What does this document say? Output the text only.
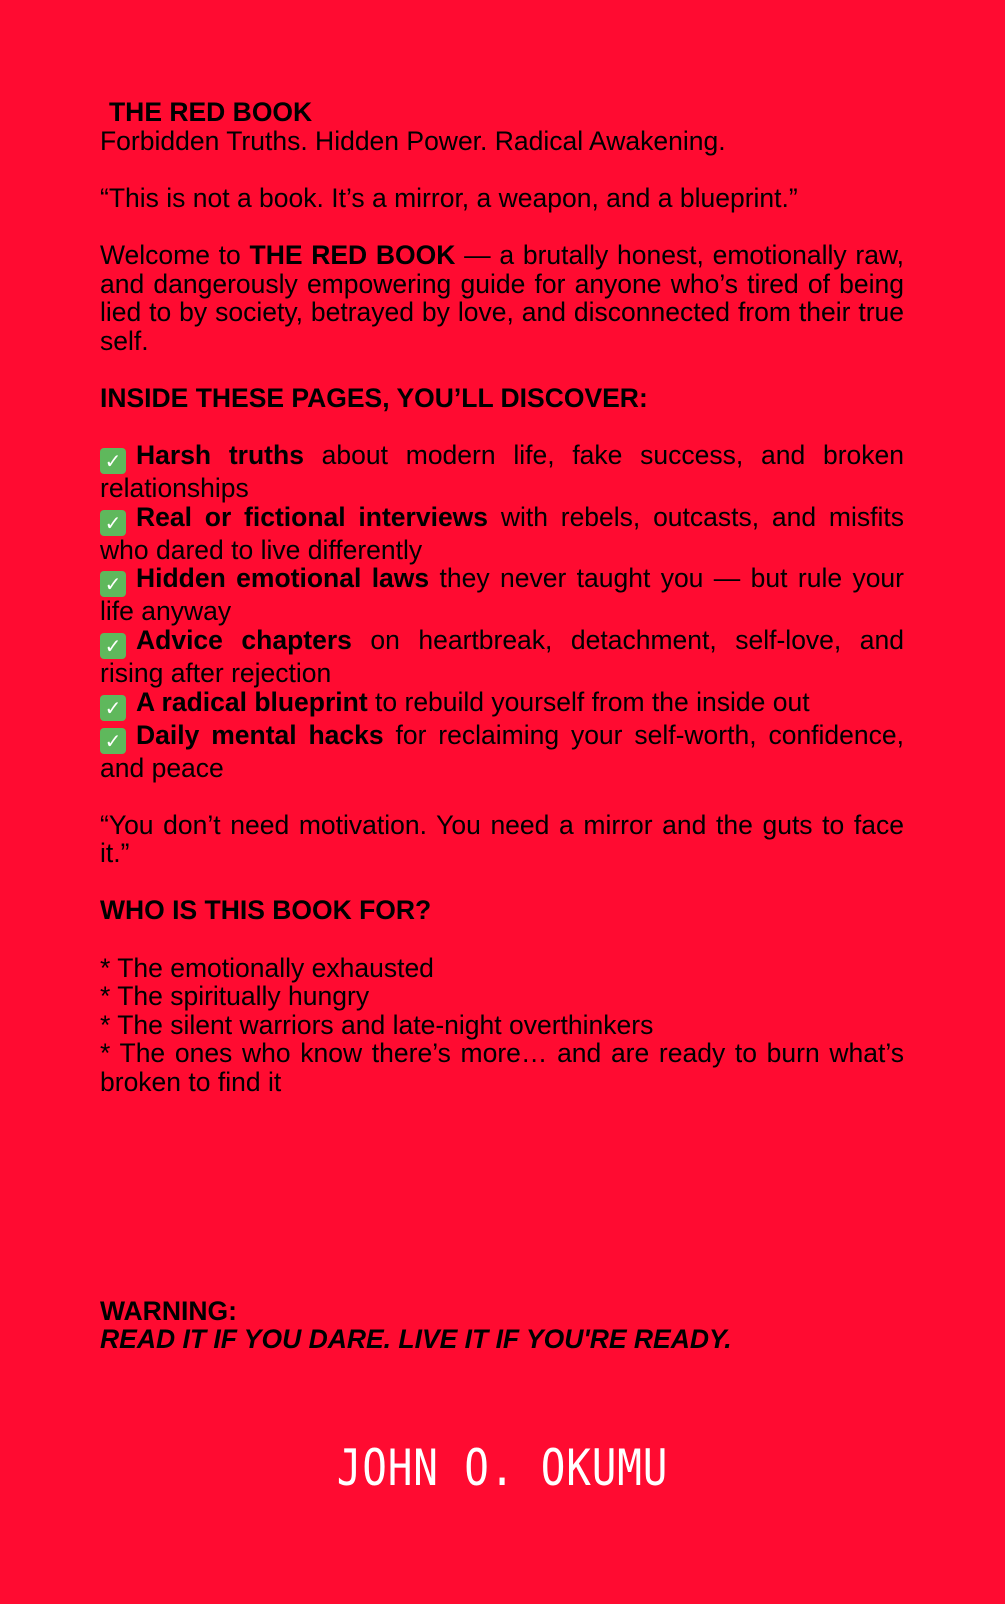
THE RED BOOK
Forbidden Truths. Hidden Power. Radical Awakening.
“This is not a book. It’s a mirror, a weapon, and a blueprint.”
Welcome to THE RED BOOK — a brutally honest, emotionally raw, and dangerously empowering guide for anyone who’s tired of being lied to by society, betrayed by love, and disconnected from their true self.
INSIDE THESE PAGES, YOU’LL DISCOVER:
✓ Harsh truths about modern life, fake success, and broken relationships
✓ Real or fictional interviews with rebels, outcasts, and misfits who dared to live differently
✓ Hidden emotional laws they never taught you — but rule your life anyway
✓ Advice chapters on heartbreak, detachment, self-love, and rising after rejection
✓ A radical blueprint to rebuild yourself from the inside out
✓ Daily mental hacks for reclaiming your self-worth, confidence, and peace
“You don’t need motivation. You need a mirror and the guts to face it.”
WHO IS THIS BOOK FOR?
* The emotionally exhausted
* The spiritually hungry
* The silent warriors and late-night overthinkers
* The ones who know there’s more… and are ready to burn what’s broken to find it
WARNING:
READ IT IF YOU DARE. LIVE IT IF YOU'RE READY.
JOHN O. OKUMU
